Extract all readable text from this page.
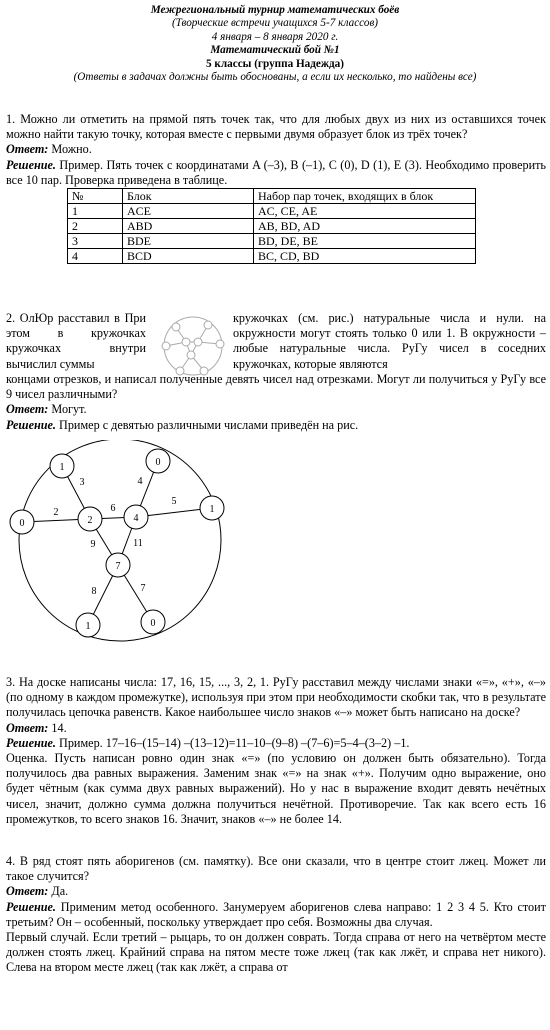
Межрегиональный турнир математических боёв
(Творческие встречи учащихся 5-7 классов)
4 января – 8 января 2020 г.
Математический бой №1
5 классы (группа Надежда)
(Ответы в задачах должны быть обоснованы, а если их несколько, то найдены все)

1. Можно ли отметить на прямой пять точек так, что для любых двух из них из оставшихся точек можно найти такую точку, которая вместе с первыми двумя образует блок из трёх точек?

Ответ: Можно.

Решение. Пример. Пять точек с координатами A (–3), B (–1), C (0), D (1), E (3). Необходимо проверить все 10 пар. Проверка приведена в таблице.

№	Блок	Набор пар точек, входящих в блок
1	ACE	AC, CE, AE
2	ABD	AB, BD, AD
3	BDE	BD, DE, BE
4	BCD	BC, CD, BD
2. ОлЮр расставил в При этом в кружочках кружочках внутри вычислил суммы
кружочках (см. рис.) натуральные числа и нули. на окружности могут стоять только 0 или 1. В окружности – любые натуральные числа. РуГу чисел в соседних кружочках, которые являются

концами отрезков, и написал полученные девять чисел над отрезками. Могут ли получиться у РуГу все 9 чисел различными?

Ответ: Могут.

Решение. Пример с девятью различными числами приведён на рис.

1	0
0	2	4
1
7
1	0
3	4
5
2	6
9	11
8	7

3. На доске написаны числа: 17, 16, 15, ..., 3, 2, 1. РуГу расставил между числами знаки «=», «+», «–» (по одному в каждом промежутке), используя при этом при необходимости скобки так, что в результате получилась цепочка равенств. Какое наибольшее число знаков «–» может быть написано на доске?

Ответ: 14.

Решение. Пример. 17–16–(15–14) –(13–12)=11–10–(9–8) –(7–6)=5–4–(3–2) –1.

Оценка. Пусть написан ровно один знак «=» (по условию он должен быть обязательно). Тогда получилось два равных выражения. Заменим знак «=» на знак «+». Получим одно выражение, оно будет чётным (как сумма двух равных выражений). Но у нас в выражение входит девять нечётных чисел, значит, должно сумма должна получиться нечётной. Противоречие. Так как всего есть 16 промежутков, то всего знаков 16. Значит, знаков «–» не более 14.

4. В ряд стоят пять аборигенов (см. памятку). Все они сказали, что в центре стоит лжец. Может ли такое случится?

Ответ: Да.

Решение. Применим метод особенного. Занумеруем аборигенов слева направо: 1 2 3 4 5. Кто стоит третьим? Он – особенный, поскольку утверждает про себя. Возможны два случая.

Первый случай. Если третий – рыцарь, то он должен соврать. Тогда справа от него на четвёртом месте должен стоять лжец. Крайний справа на пятом месте тоже лжец (так как лжёт, и справа нет никого). Слева на втором месте лжец (так как лжёт, а справа от
